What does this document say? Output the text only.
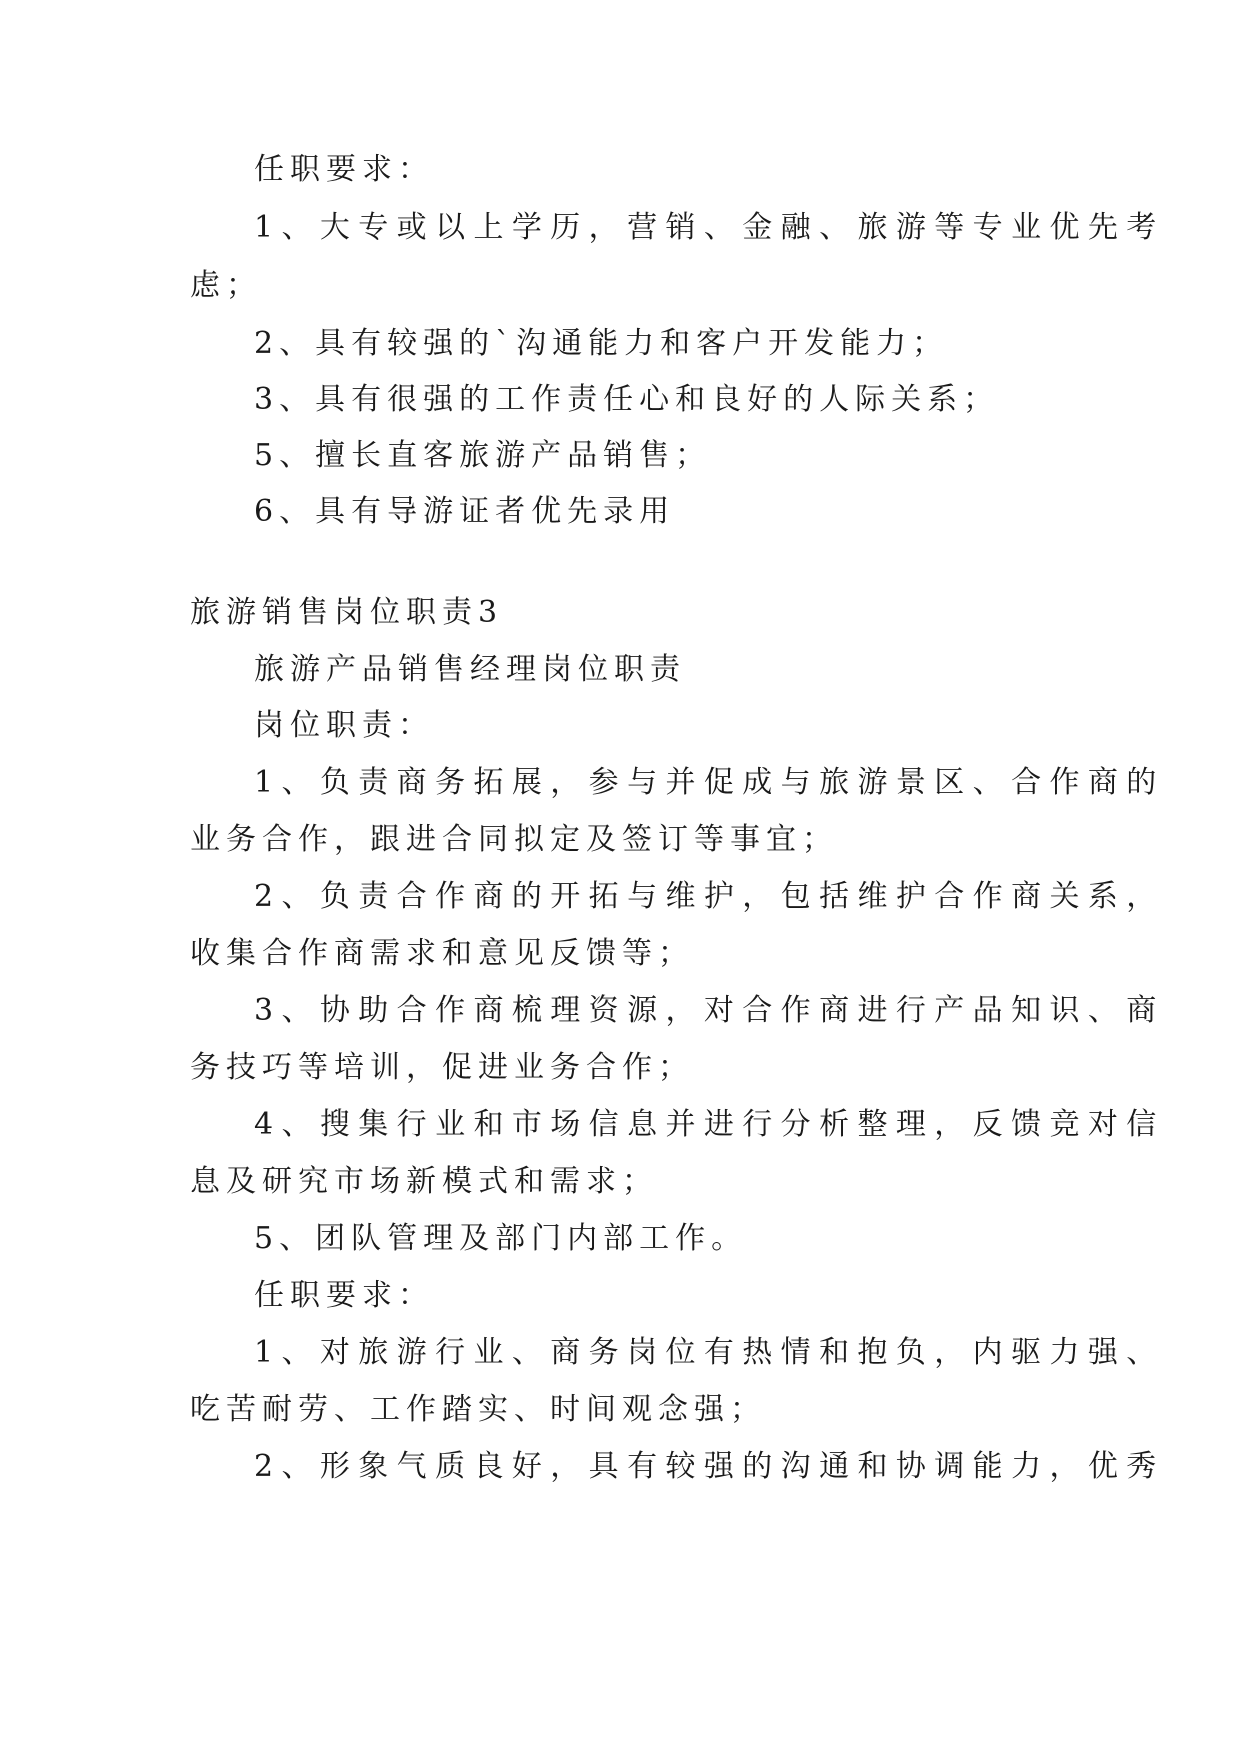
任职要求：
1、大专或以上学历，营销、金融、旅游等专业优先考
虑；
2、具有较强的`沟通能力和客户开发能力；
3、具有很强的工作责任心和良好的人际关系；
5、擅长直客旅游产品销售；
6、具有导游证者优先录用
旅游销售岗位职责3
旅游产品销售经理岗位职责
岗位职责：
1、负责商务拓展，参与并促成与旅游景区、合作商的
业务合作，跟进合同拟定及签订等事宜；
2、负责合作商的开拓与维护，包括维护合作商关系，
收集合作商需求和意见反馈等；
3、协助合作商梳理资源，对合作商进行产品知识、商
务技巧等培训，促进业务合作；
4、搜集行业和市场信息并进行分析整理，反馈竞对信
息及研究市场新模式和需求；
5、团队管理及部门内部工作。
任职要求：
1、对旅游行业、商务岗位有热情和抱负，内驱力强、
吃苦耐劳、工作踏实、时间观念强；
2、形象气质良好，具有较强的沟通和协调能力，优秀
